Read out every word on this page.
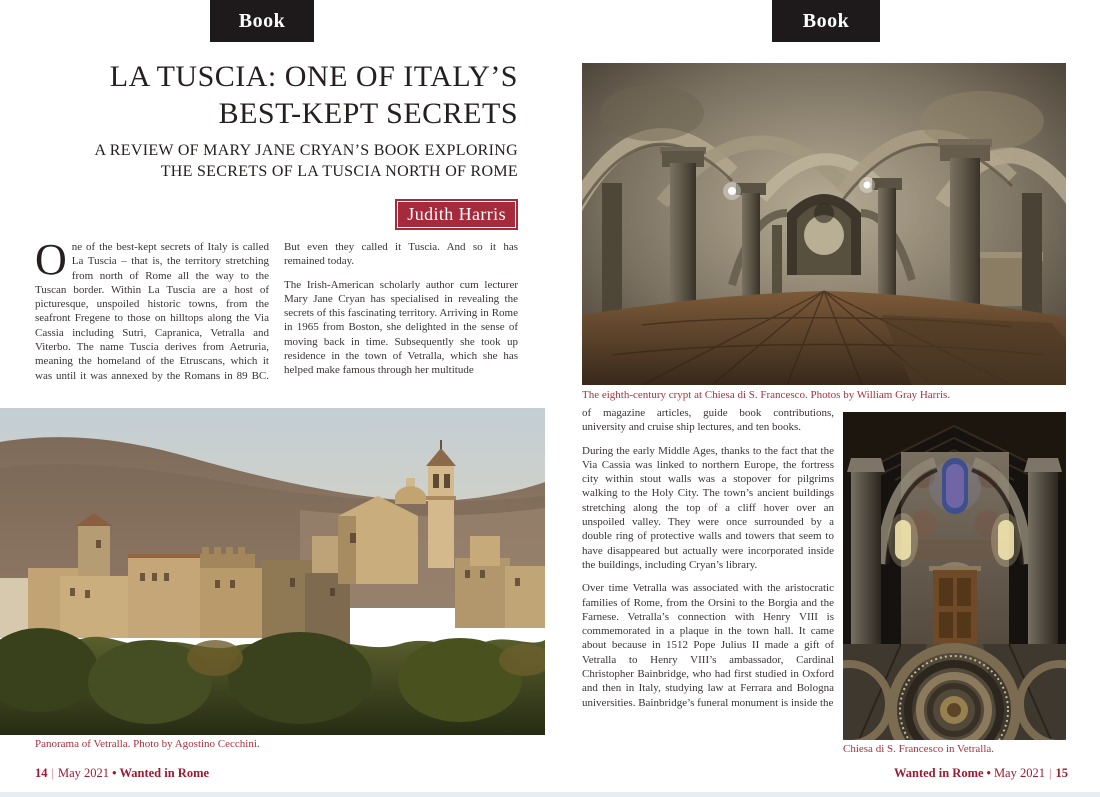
Book
LA TUSCIA: ONE OF ITALY’S
BEST-KEPT SECRETS
A REVIEW OF MARY JANE CRYAN’S BOOK EXPLORING
THE SECRETS OF LA TUSCIA NORTH OF ROME
Judith Harris

One of the best-kept secrets of Italy is called La Tuscia – that is, the territory stretching from north of Rome all the way to the Tuscan border. Within La Tuscia are a host of picturesque, unspoiled historic towns, from the seafront Fregene to those on hilltops along the Via Cassia including Sutri, Capranica, Vetralla and Viterbo. The name Tuscia derives from Aetruria, meaning the homeland of the Etruscans, which it was until it was annexed by the Romans in 89 BC. But even they called it Tuscia. And so it has remained today.

The Irish-American scholarly author cum lecturer Mary Jane Cryan has specialised in revealing the secrets of this fascinating territory. Arriving in Rome in 1965 from Boston, she delighted in the sense of moving back in time. Subsequently she took up residence in the town of Vetralla, which she has helped make famous through her multitude

Panorama of Vetralla. Photo by Agostino Cecchini.
14 | May 2021 • Wanted in Rome
Book
The eighth-century crypt at Chiesa di S. Francesco. Photos by William Gray Harris.

of magazine articles, guide book contributions, university and cruise ship lectures, and ten books.

During the early Middle Ages, thanks to the fact that the Via Cassia was linked to northern Europe, the fortress city within stout walls was a stopover for pilgrims walking to the Holy City. The town’s ancient buildings stretching along the top of a cliff hover over an unspoiled valley. They were once surrounded by a double ring of protective walls and towers that seem to have disappeared but actually were incorporated inside the buildings, including Cryan’s library.

Over time Vetralla was associated with the aristocratic families of Rome, from the Orsini to the Borgia and the Farnese. Vetralla’s connection with Henry VIII is commemorated in a plaque in the town hall. It came about because in 1512 Pope Julius II made a gift of Vetralla to Henry VIII’s ambassador, Cardinal Christopher Bainbridge, who had first studied in Oxford and then in Italy, studying law at Ferrara and Bologna universities. Bainbridge’s funeral monument is inside the

Chiesa di S. Francesco in Vetralla.
Wanted in Rome • May 2021 | 15
